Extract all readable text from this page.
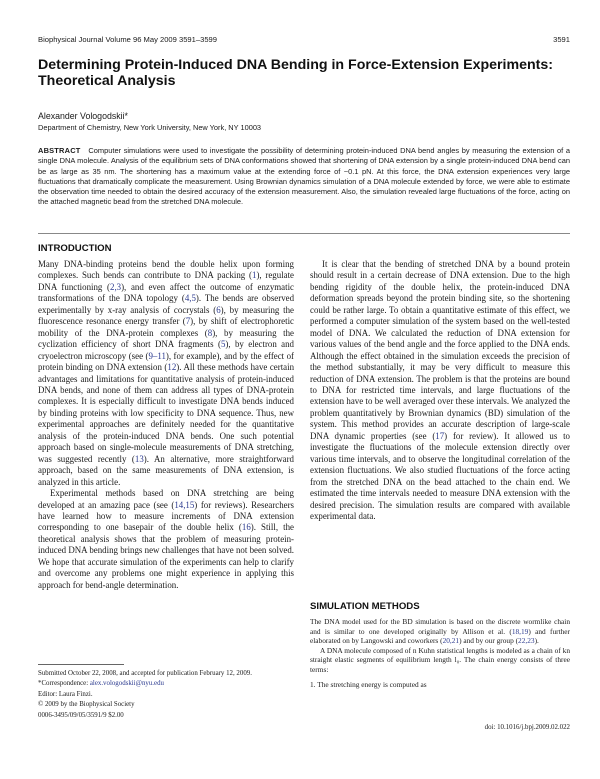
Biophysical Journal Volume 96 May 2009 3591–3599	3591
Determining Protein-Induced DNA Bending in Force-Extension Experiments: Theoretical Analysis
Alexander Vologodskii*
Department of Chemistry, New York University, New York, NY 10003
ABSTRACT Computer simulations were used to investigate the possibility of determining protein-induced DNA bend angles by measuring the extension of a single DNA molecule. Analysis of the equilibrium sets of DNA conformations showed that shortening of DNA extension by a single protein-induced DNA bend can be as large as 35 nm. The shortening has a maximum value at the extending force of ~0.1 pN. At this force, the DNA extension experiences very large fluctuations that dramatically complicate the measurement. Using Brownian dynamics simulation of a DNA molecule extended by force, we were able to estimate the observation time needed to obtain the desired accuracy of the extension measurement. Also, the simulation revealed large fluctuations of the force, acting on the attached magnetic bead from the stretched DNA molecule.
INTRODUCTION

Many DNA-binding proteins bend the double helix upon forming complexes. Such bends can contribute to DNA packing (1), regulate DNA functioning (2,3), and even affect the outcome of enzymatic transformations of the DNA topology (4,5). The bends are observed experimentally by x-ray analysis of cocrystals (6), by measuring the fluorescence resonance energy transfer (7), by shift of electrophoretic mobility of the DNA-protein complexes (8), by measuring the cyclization efficiency of short DNA fragments (5), by electron and cryoelectron microscopy (see (9–11), for example), and by the effect of protein binding on DNA extension (12). All these methods have certain advantages and limitations for quantitative analysis of protein-induced DNA bends, and none of them can address all types of DNA-protein complexes. It is especially difficult to investigate DNA bends induced by binding proteins with low specificity to DNA sequence. Thus, new experimental approaches are definitely needed for the quantitative analysis of the protein-induced DNA bends. One such potential approach based on single-molecule measurements of DNA stretching, was suggested recently (13). An alternative, more straightforward approach, based on the same measurements of DNA extension, is analyzed in this article.

Experimental methods based on DNA stretching are being developed at an amazing pace (see (14,15) for reviews). Researchers have learned how to measure increments of DNA extension corresponding to one basepair of the double helix (16). Still, the theoretical analysis shows that the problem of measuring protein-induced DNA bending brings new challenges that have not been solved. We hope that accurate simulation of the experiments can help to clarify and overcome any problems one might experience in applying this approach for bend-angle determination.

It is clear that the bending of stretched DNA by a bound protein should result in a certain decrease of DNA extension. Due to the high bending rigidity of the double helix, the protein-induced DNA deformation spreads beyond the protein binding site, so the shortening could be rather large. To obtain a quantitative estimate of this effect, we performed a computer simulation of the system based on the well-tested model of DNA. We calculated the reduction of DNA extension for various values of the bend angle and the force applied to the DNA ends. Although the effect obtained in the simulation exceeds the precision of the method substantially, it may be very difficult to measure this reduction of DNA extension. The problem is that the proteins are bound to DNA for restricted time intervals, and large fluctuations of the extension have to be well averaged over these intervals. We analyzed the problem quantitatively by Brownian dynamics (BD) simulation of the system. This method provides an accurate description of large-scale DNA dynamic properties (see (17) for review). It allowed us to investigate the fluctuations of the molecule extension directly over various time intervals, and to observe the longitudinal correlation of the extension fluctuations. We also studied fluctuations of the force acting from the stretched DNA on the bead attached to the chain end. We estimated the time intervals needed to measure DNA extension with the desired precision. The simulation results are compared with available experimental data.

SIMULATION METHODS

The DNA model used for the BD simulation is based on the discrete wormlike chain and is similar to one developed originally by Allison et al. (18,19) and further elaborated on by Langowski and coworkers (20,21) and by our group (22,23).

A DNA molecule composed of n Kuhn statistical lengths is modeled as a chain of kn straight elastic segments of equilibrium length l₀. The chain energy consists of three terms:

1. The stretching energy is computed as

Submitted October 22, 2008, and accepted for publication February 12, 2009.
*Correspondence: alex.vologodskii@nyu.edu
Editor: Laura Finzi.
© 2009 by the Biophysical Society
0006-3495/09/05/3591/9 $2.00
doi: 10.1016/j.bpj.2009.02.022
